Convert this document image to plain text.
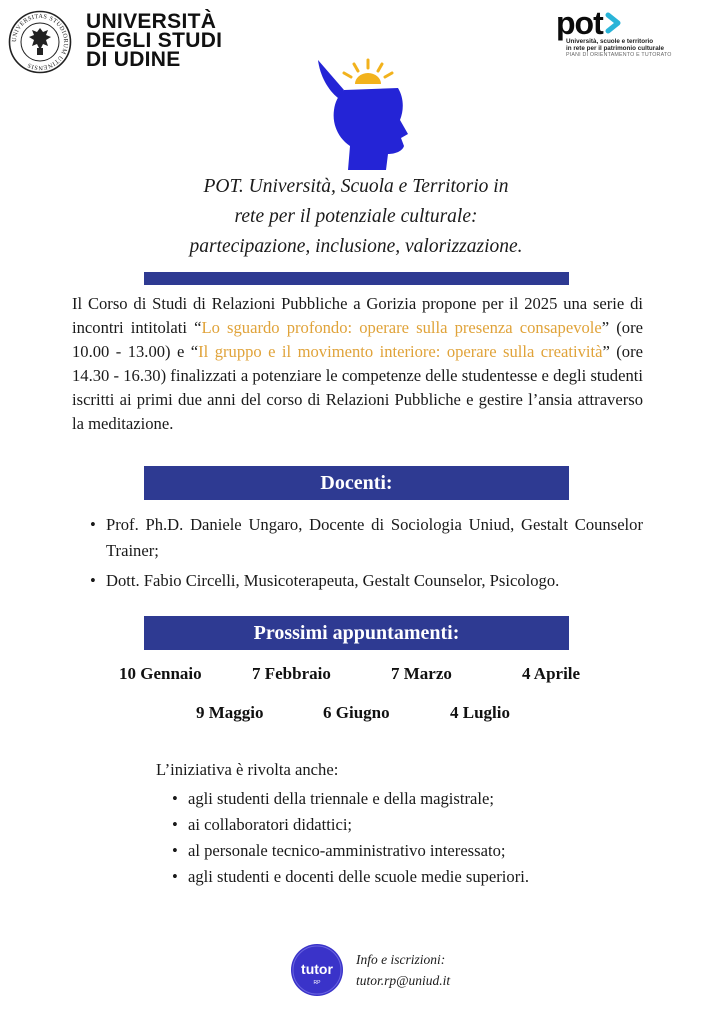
UNIVERSITAS STUDIORUM UTINENSIS
UNIVERSITÀ
DEGLI STUDI
DI UDINE
pot
Università, scuole e territorio
in rete per il patrimonio culturale
PIANI DI ORIENTAMENTO E TUTORATO
POT. Università, Scuola e Territorio in
rete per il potenziale culturale:
partecipazione, inclusione, valorizzazione.
Il Corso di Studi di Relazioni Pubbliche a Gorizia propone per il 2025 una serie di incontri intitolati “Lo sguardo profondo: operare sulla presenza consapevole” (ore 10.00 - 13.00) e “Il gruppo e il movimento interiore: operare sulla creatività” (ore 14.30 - 16.30) finalizzati a potenziare le competenze delle studentesse e degli studenti iscritti ai primi due anni del corso di Relazioni Pubbliche e gestire l’ansia attraverso la meditazione.
Docenti:
• Prof. Ph.D. Daniele Ungaro, Docente di Sociologia Uniud, Gestalt Counselor Trainer;
• Dott. Fabio Circelli, Musicoterapeuta, Gestalt Counselor, Psicologo.
Prossimi appuntamenti:
10 Gennaio	7 Febbraio	7 Marzo	4 Aprile
9 Maggio	6 Giugno	4 Luglio
L’iniziativa è rivolta anche:
• agli studenti della triennale e della magistrale;
• ai collaboratori didattici;
• al personale tecnico-amministrativo interessato;
• agli studenti e docenti delle scuole medie superiori.
tutor
RP
Info e iscrizioni:
tutor.rp@uniud.it
